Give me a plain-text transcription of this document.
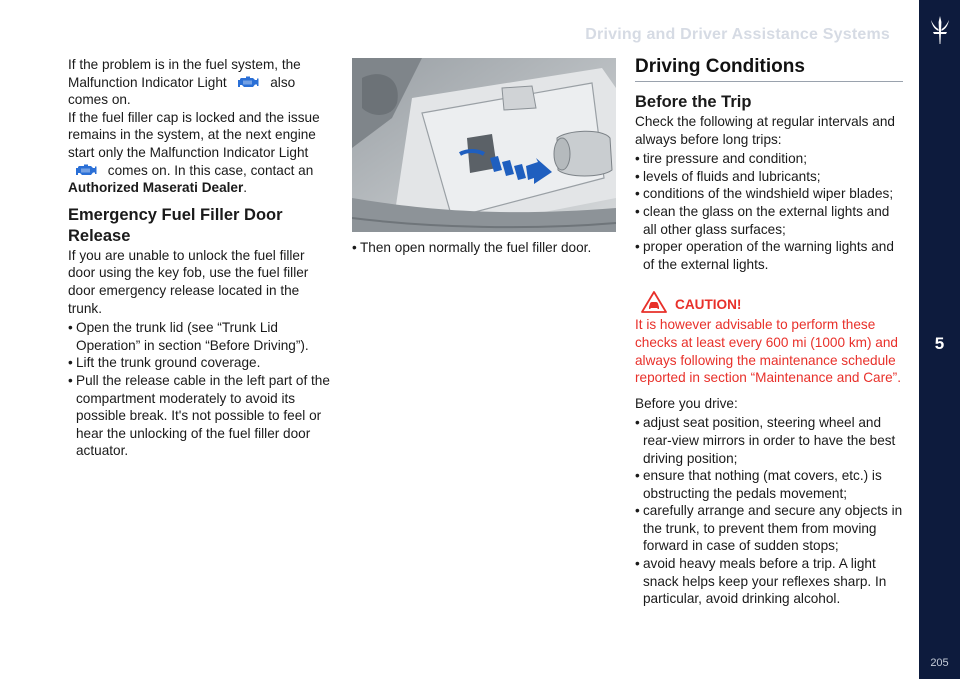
Driving and Driver Assistance Systems
5
205

If the problem is in the fuel system, the Malfunction Indicator Light	also comes on.

If the fuel filler cap is locked and the issue remains in the system, at the next engine start only the Malfunction Indicator Light  comes on. In this case, contact an Authorized Maserati Dealer.

Emergency Fuel Filler Door Release

If you are unable to unlock the fuel filler door using the key fob, use the fuel filler door emergency release located in the trunk.

• Open the trunk lid (see “Trunk Lid Operation” in section “Before Driving”).
• Lift the trunk ground coverage.
• Pull the release cable in the left part of the compartment moderately to avoid its possible break. It's not possible to feel or hear the unlocking of the fuel filler door actuator.
• Then open normally the fuel filler door.
Driving Conditions
Before the Trip

Check the following at regular intervals and always before long trips:

• tire pressure and condition;
• levels of fluids and lubricants;
• conditions of the windshield wiper blades;
• clean the glass on the external lights and all other glass surfaces;
• proper operation of the warning lights and of the external lights.
CAUTION!

It is however advisable to perform these checks at least every 600 mi (1000 km) and always following the maintenance schedule reported in section “Maintenance and Care”.

Before you drive:

• adjust seat position, steering wheel and rear-view mirrors in order to have the best driving position;
• ensure that nothing (mat covers, etc.) is obstructing the pedals movement;
• carefully arrange and secure any objects in the trunk, to prevent them from moving forward in case of sudden stops;
• avoid heavy meals before a trip. A light snack helps keep your reflexes sharp. In particular, avoid drinking alcohol.
